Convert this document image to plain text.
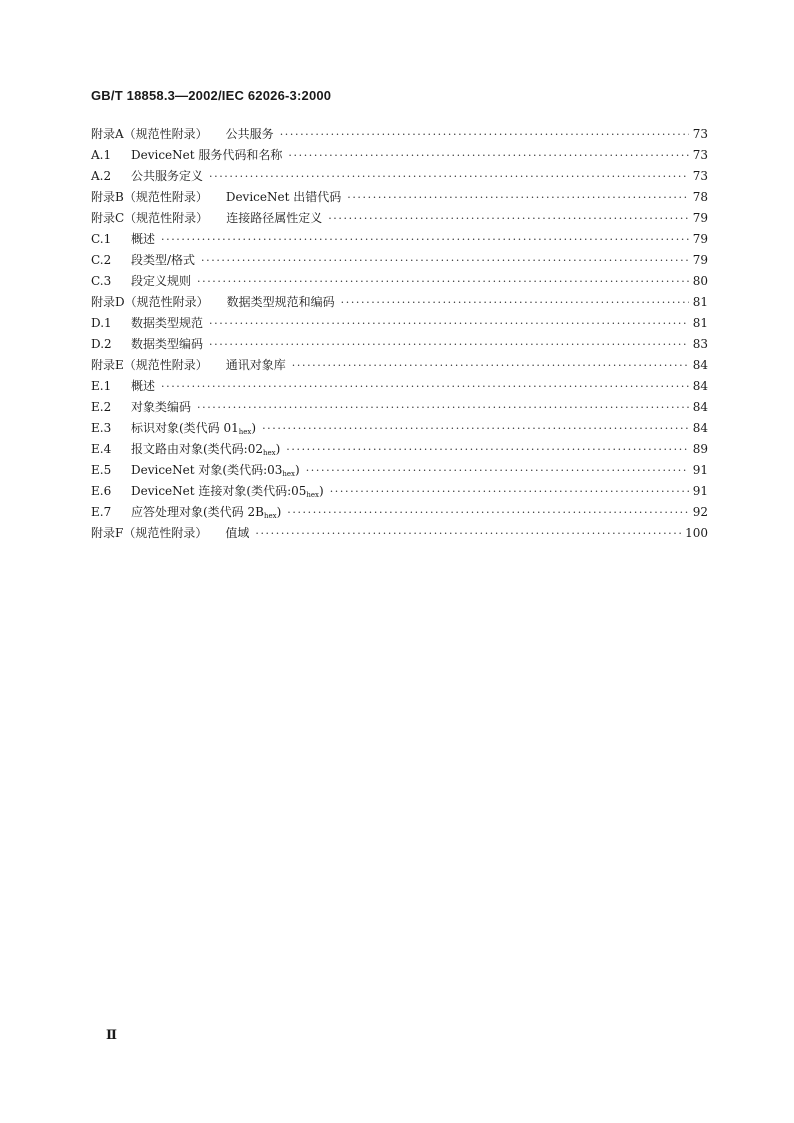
GB/T 18858.3—2002/IEC 62026-3:2000
附录A（规范性附录） 公共服务 ·····	73
A.1	DeviceNet 服务代码和名称 ·····	73
A.2	公共服务定义 ·····	73
附录B（规范性附录） DeviceNet 出错代码 ·····	78
附录C（规范性附录） 连接路径属性定义 ·····	79
C.1	概述 ·····	79
C.2	段类型/格式 ·····	79
C.3	段定义规则 ·····	80
附录D（规范性附录） 数据类型规范和编码 ·····	81
D.1	数据类型规范 ·····	81
D.2	数据类型编码 ·····	83
附录E（规范性附录） 通讯对象库 ·····	84
E.1	概述 ·····	84
E.2	对象类编码 ·····	84
E.3	标识对象(类代码 $01_{hex}$) ·····	84
E.4	报文路由对象(类代码$:02_{hex}$) ·····	89
E.5	DeviceNet 对象(类代码$:03_{hex}$) ·····	91
E.6	DeviceNet 连接对象(类代码$:05_{hex}$) ·····	91
E.7	应答处理对象(类代码 $2B_{hex}$) ·····	92
附录F（规范性附录） 值域 ·····	100
Ⅱ
